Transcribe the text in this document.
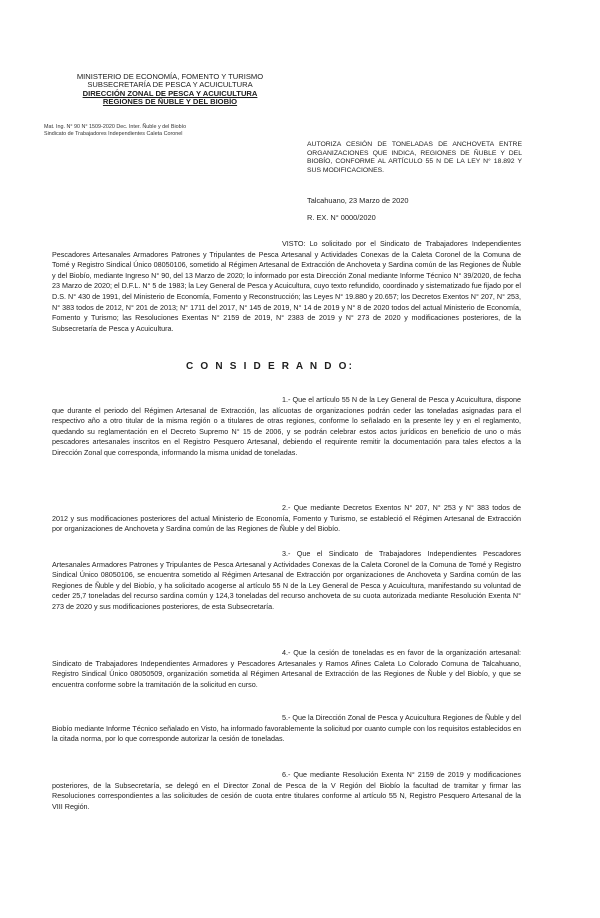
MINISTERIO DE ECONOMÍA, FOMENTO Y TURISMO
SUBSECRETARÍA DE PESCA Y ACUICULTURA
DIRECCIÓN ZONAL DE PESCA Y ACUICULTURA
REGIONES DE ÑUBLE Y DEL BIOBÍO
Mat. Ing. N° 90 N° 1509-2020 Dec. Inter. Ñuble y del Biobío
Sindicato de Trabajadores Independientes Caleta Coronel
AUTORIZA CESIÓN DE TONELADAS DE ANCHOVETA ENTRE ORGANIZACIONES QUE INDICA, REGIONES DE ÑUBLE Y DEL BIOBÍO, CONFORME AL ARTÍCULO 55 N DE LA LEY N° 18.892 Y SUS MODIFICACIONES.
Talcahuano, 23 Marzo de 2020
R. EX. N° 0000/2020
VISTO: Lo solicitado por el Sindicato de Trabajadores Independientes Pescadores Artesanales Armadores Patrones y Tripulantes de Pesca Artesanal y Actividades Conexas de la Caleta Coronel de la Comuna de Tomé y Registro Sindical Único 08050106, sometido al Régimen Artesanal de Extracción de Anchoveta y Sardina común de las Regiones de Ñuble y del Biobío, mediante Ingreso N° 90, del 13 Marzo de 2020; lo informado por esta Dirección Zonal mediante Informe Técnico N° 39/2020, de fecha 23 Marzo de 2020; el D.F.L. N° 5 de 1983; la Ley General de Pesca y Acuicultura, cuyo texto refundido, coordinado y sistematizado fue fijado por el D.S. N° 430 de 1991, del Ministerio de Economía, Fomento y Reconstrucción; las Leyes N° 19.880 y 20.657; los Decretos Exentos N° 207, N° 253, N° 383 todos de 2012, N° 201 de 2013; N° 1711 del 2017, N° 145 de 2019, N° 14 de 2019 y N° 8 de 2020 todos del actual Ministerio de Economía, Fomento y Turismo; las Resoluciones Exentas N° 2159 de 2019, N° 2383 de 2019 y N° 273 de 2020 y modificaciones posteriores, de la Subsecretaría de Pesca y Acuicultura.
C O N S I D E R A N D O:
1.- Que el artículo 55 N de la Ley General de Pesca y Acuicultura, dispone que durante el periodo del Régimen Artesanal de Extracción, las alícuotas de organizaciones podrán ceder las toneladas asignadas para el respectivo año a otro titular de la misma región o a titulares de otras regiones, conforme lo señalado en la presente ley y en el reglamento, quedando su reglamentación en el Decreto Supremo N° 15 de 2006, y se podrán celebrar estos actos jurídicos en beneficio de uno o más pescadores artesanales inscritos en el Registro Pesquero Artesanal, debiendo el requirente remitir la documentación para tales efectos a la Dirección Zonal que corresponda, informando la misma unidad de toneladas.
2.- Que mediante Decretos Exentos N° 207, N° 253 y N° 383 todos de 2012 y sus modificaciones posteriores del actual Ministerio de Economía, Fomento y Turismo, se estableció el Régimen Artesanal de Extracción por organizaciones de Anchoveta y Sardina común de las Regiones de Ñuble y del Biobío.
3.- Que el Sindicato de Trabajadores Independientes Pescadores Artesanales Armadores Patrones y Tripulantes de Pesca Artesanal y Actividades Conexas de la Caleta Coronel de la Comuna de Tomé y Registro Sindical Único 08050106, se encuentra sometido al Régimen Artesanal de Extracción por organizaciones de Anchoveta y Sardina común de las Regiones de Ñuble y del Biobío, y ha solicitado acogerse al artículo 55 N de la Ley General de Pesca y Acuicultura, manifestando su voluntad de ceder 25,7 toneladas del recurso sardina común y 124,3 toneladas del recurso anchoveta de su cuota autorizada mediante Resolución Exenta N° 273 de 2020 y sus modificaciones posteriores, de esta Subsecretaría.
4.- Que la cesión de toneladas es en favor de la organización artesanal: Sindicato de Trabajadores Independientes Armadores y Pescadores Artesanales y Ramos Afines Caleta Lo Colorado Comuna de Talcahuano, Registro Sindical Único 08050509, organización sometida al Régimen Artesanal de Extracción de las Regiones de Ñuble y del Biobío, y que se encuentra conforme sobre la tramitación de la solicitud en curso.
5.- Que la Dirección Zonal de Pesca y Acuicultura Regiones de Ñuble y del Biobío mediante Informe Técnico señalado en Visto, ha informado favorablemente la solicitud por cuanto cumple con los requisitos establecidos en la citada norma, por lo que corresponde autorizar la cesión de toneladas.
6.- Que mediante Resolución Exenta N° 2159 de 2019 y modificaciones posteriores, de la Subsecretaría, se delegó en el Director Zonal de Pesca de la V Región del Biobío la facultad de tramitar y firmar las Resoluciones correspondientes a las solicitudes de cesión de cuota entre titulares conforme al artículo 55 N, Registro Pesquero Artesanal de la VIII Región.
